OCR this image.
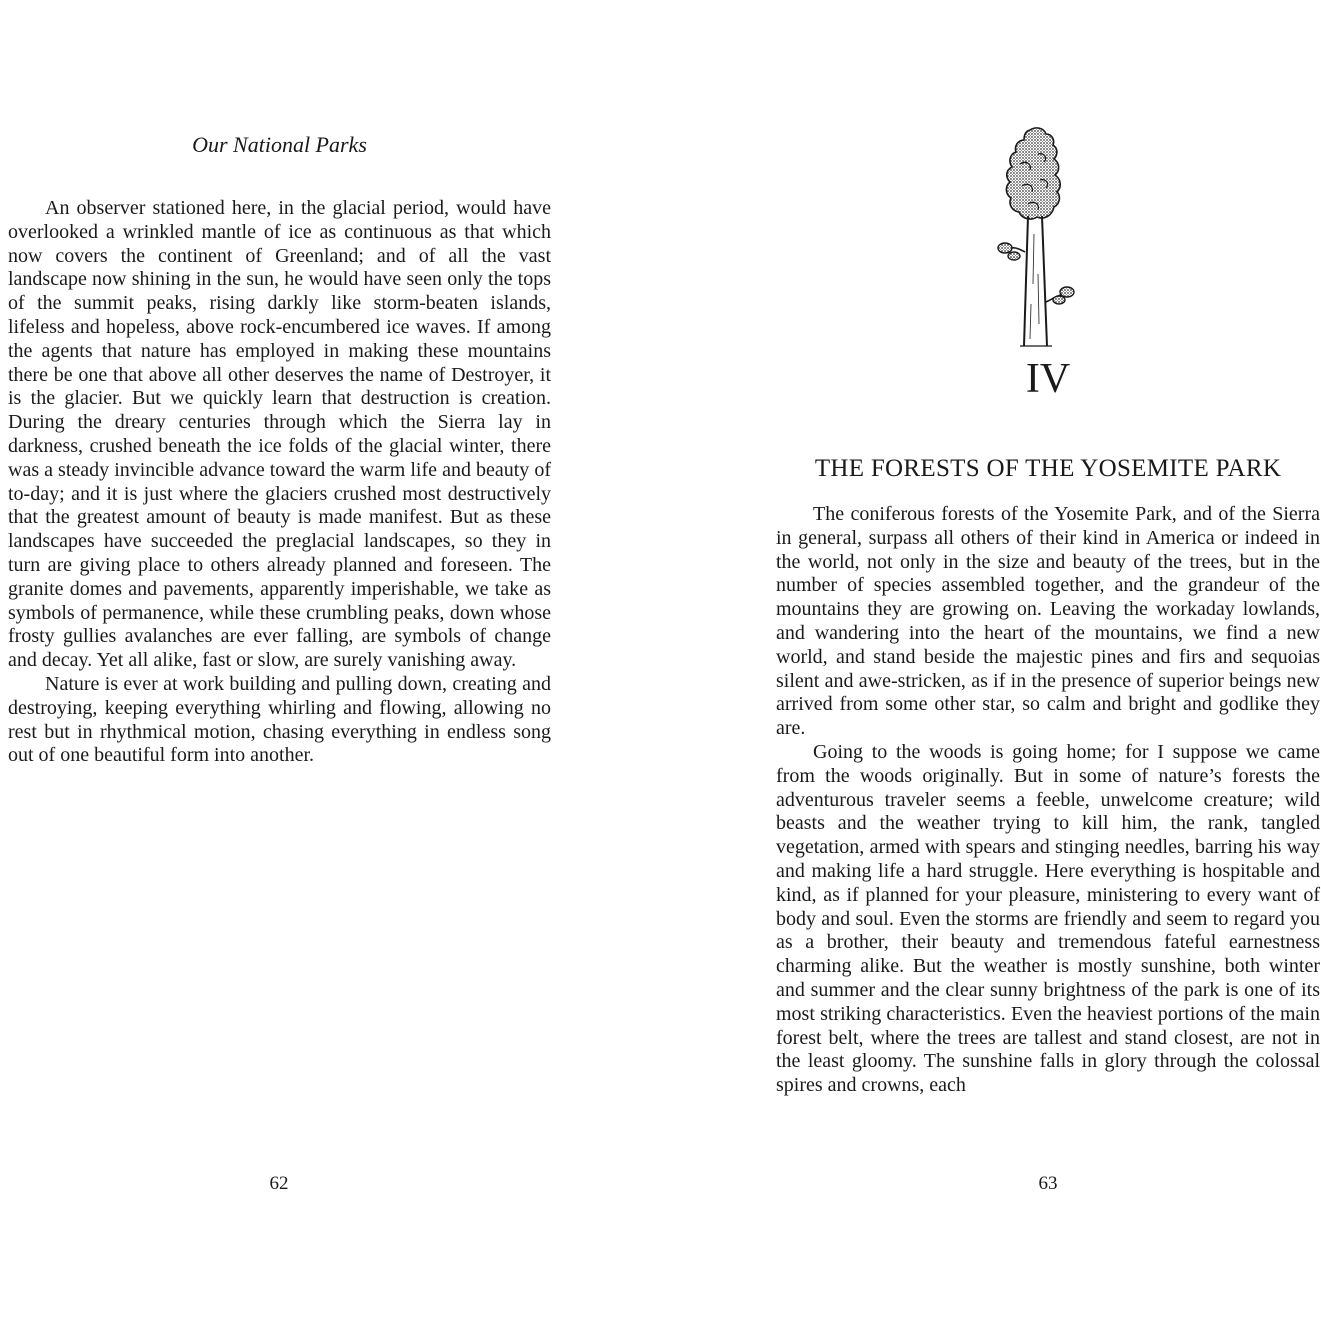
Our National Parks

An observer stationed here, in the glacial period, would have overlooked a wrinkled mantle of ice as continuous as that which now covers the continent of Greenland; and of all the vast landscape now shining in the sun, he would have seen only the tops of the summit peaks, rising darkly like storm-beaten islands, lifeless and hopeless, above rock-encumbered ice waves. If among the agents that nature has employed in making these mountains there be one that above all other deserves the name of Destroyer, it is the glacier. But we quickly learn that destruction is creation. During the dreary centuries through which the Sierra lay in darkness, crushed beneath the ice folds of the glacial winter, there was a steady invincible advance toward the warm life and beauty of to-day; and it is just where the glaciers crushed most destructively that the greatest amount of beauty is made manifest. But as these landscapes have succeeded the preglacial landscapes, so they in turn are giving place to others already planned and foreseen. The granite domes and pavements, apparently imperishable, we take as symbols of permanence, while these crumbling peaks, down whose frosty gullies avalanches are ever falling, are symbols of change and decay. Yet all alike, fast or slow, are surely vanishing away.

Nature is ever at work building and pulling down, creating and destroying, keeping everything whirling and flowing, allowing no rest but in rhythmical motion, chasing everything in endless song out of one beautiful form into another.

62
IV
THE FORESTS OF THE YOSEMITE PARK

The coniferous forests of the Yosemite Park, and of the Sierra in general, surpass all others of their kind in America or indeed in the world, not only in the size and beauty of the trees, but in the number of species assembled together, and the grandeur of the mountains they are growing on. Leaving the workaday lowlands, and wandering into the heart of the mountains, we find a new world, and stand beside the majestic pines and firs and sequoias silent and awe-stricken, as if in the presence of superior beings new arrived from some other star, so calm and bright and godlike they are.

Going to the woods is going home; for I suppose we came from the woods originally. But in some of nature’s forests the adventurous traveler seems a feeble, unwelcome creature; wild beasts and the weather trying to kill him, the rank, tangled vegetation, armed with spears and stinging needles, barring his way and making life a hard struggle. Here everything is hospitable and kind, as if planned for your pleasure, ministering to every want of body and soul. Even the storms are friendly and seem to regard you as a brother, their beauty and tremendous fateful earnestness charming alike. But the weather is mostly sunshine, both winter and summer and the clear sunny brightness of the park is one of its most striking characteristics. Even the heaviest portions of the main forest belt, where the trees are tallest and stand closest, are not in the least gloomy. The sunshine falls in glory through the colossal spires and crowns, each

63
